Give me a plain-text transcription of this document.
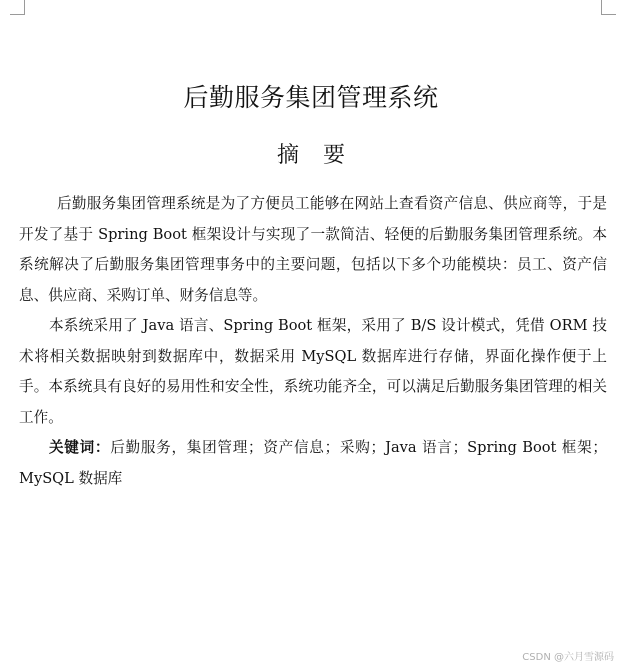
后勤服务集团管理系统
摘要

后勤服务集团管理系统是为了方便员工能够在网站上查看资产信息、供应商等，于是开发了基于 Spring Boot 框架设计与实现了一款简洁、轻便的后勤服务集团管理系统。本系统解决了后勤服务集团管理事务中的主要问题，包括以下多个功能模块：员工、资产信息、供应商、采购订单、财务信息等。

本系统采用了 Java 语言、Spring Boot 框架，采用了 B/S 设计模式，凭借 ORM 技术将相关数据映射到数据库中，数据采用 MySQL 数据库进行存储，界面化操作便于上手。本系统具有良好的易用性和安全性，系统功能齐全，可以满足后勤服务集团管理的相关工作。

关键词：后勤服务，集团管理；资产信息；采购；Java 语言；Spring Boot 框架；MySQL 数据库

CSDN @六月雪源码
